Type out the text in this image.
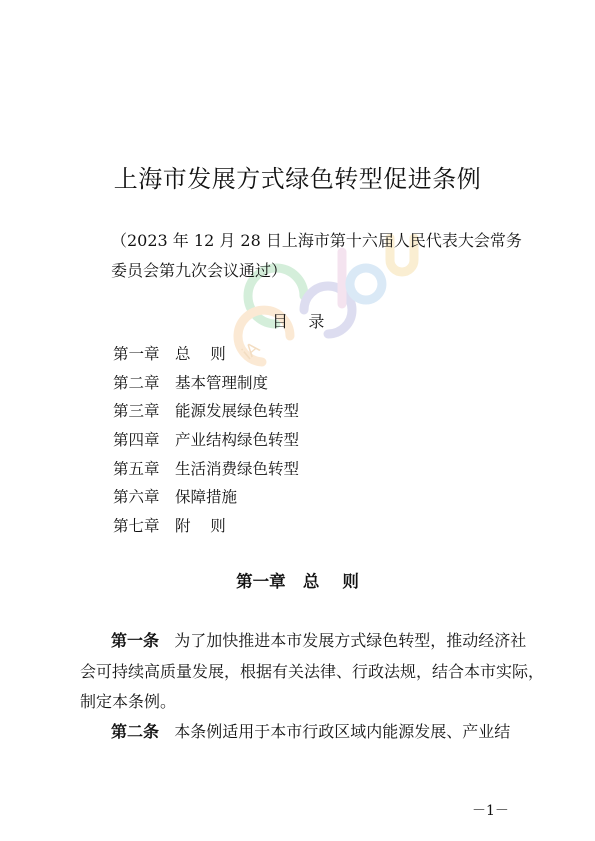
iA
上海市发展方式绿色转型促进条例
（2023 年 12 月 28 日上海市第十六届人民代表大会常务
委员会第九次会议通过）
目    录
第一章 总    则
第二章 基本管理制度
第三章 能源发展绿色转型
第四章 产业结构绿色转型
第五章 生活消费绿色转型
第六章 保障措施
第七章 附    则
第一章   总    则

第一条 为了加快推进本市发展方式绿色转型，推动经济社
会可持续高质量发展，根据有关法律、行政法规，结合本市实际，
制定本条例。

第二条 本条例适用于本市行政区域内能源发展、产业结

－1－
